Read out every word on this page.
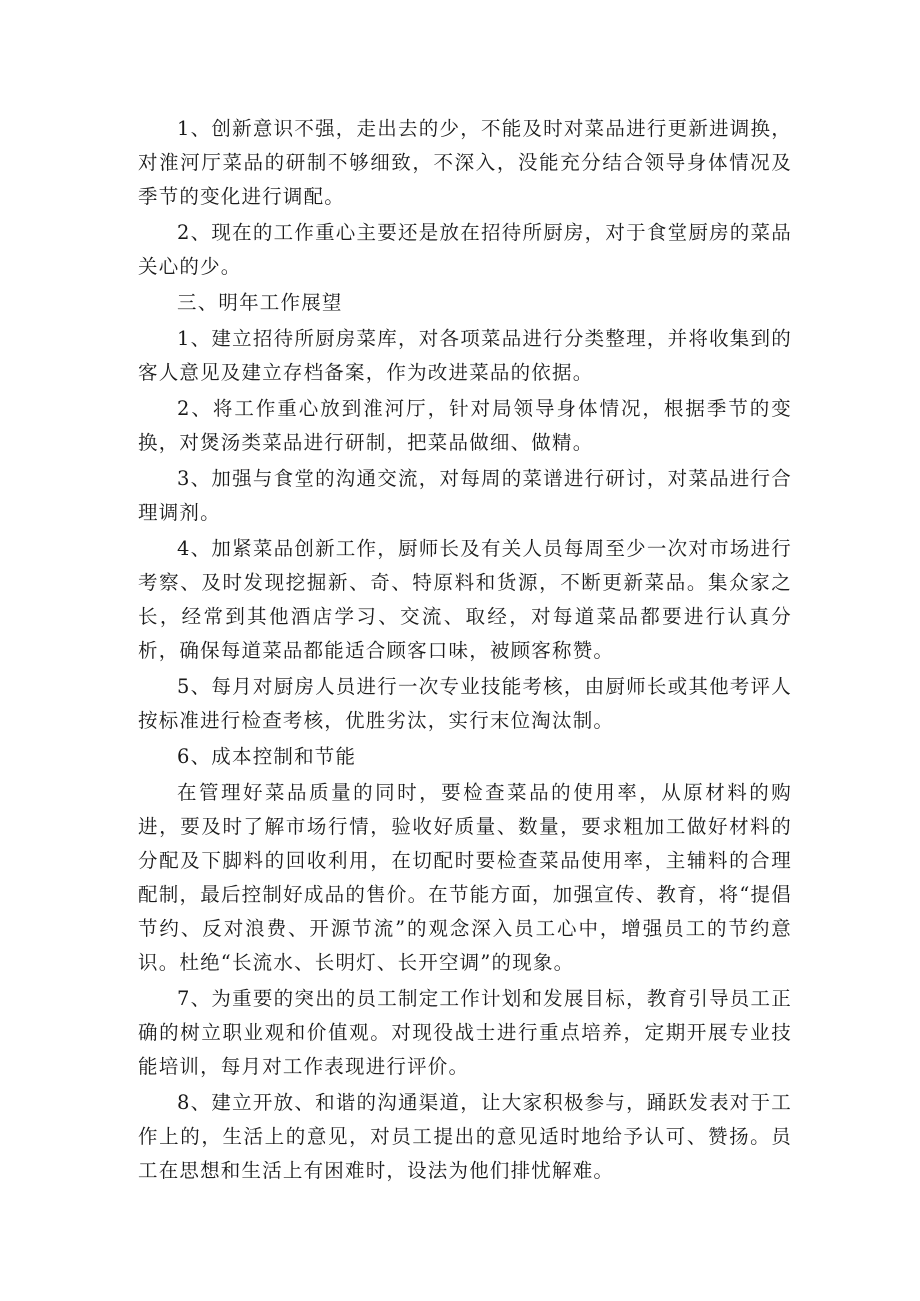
1、创新意识不强，走出去的少，不能及时对菜品进行更新进调换，对淮河厅菜品的研制不够细致，不深入，没能充分结合领导身体情况及季节的变化进行调配。

2、现在的工作重心主要还是放在招待所厨房，对于食堂厨房的菜品关心的少。

三、明年工作展望

1、建立招待所厨房菜库，对各项菜品进行分类整理，并将收集到的客人意见及建立存档备案，作为改进菜品的依据。

2、将工作重心放到淮河厅，针对局领导身体情况，根据季节的变换，对煲汤类菜品进行研制，把菜品做细、做精。

3、加强与食堂的沟通交流，对每周的菜谱进行研讨，对菜品进行合理调剂。

4、加紧菜品创新工作，厨师长及有关人员每周至少一次对市场进行考察、及时发现挖掘新、奇、特原料和货源，不断更新菜品。集众家之长，经常到其他酒店学习、交流、取经，对每道菜品都要进行认真分析，确保每道菜品都能适合顾客口味，被顾客称赞。

5、每月对厨房人员进行一次专业技能考核，由厨师长或其他考评人按标准进行检查考核，优胜劣汰，实行末位淘汰制。

6、成本控制和节能

在管理好菜品质量的同时，要检查菜品的使用率，从原材料的购进，要及时了解市场行情，验收好质量、数量，要求粗加工做好材料的分配及下脚料的回收利用，在切配时要检查菜品使用率，主辅料的合理配制，最后控制好成品的售价。在节能方面，加强宣传、教育，将“提倡节约、反对浪费、开源节流”的观念深入员工心中，增强员工的节约意识。杜绝“长流水、长明灯、长开空调”的现象。

7、为重要的突出的员工制定工作计划和发展目标，教育引导员工正确的树立职业观和价值观。对现役战士进行重点培养，定期开展专业技能培训，每月对工作表现进行评价。

8、建立开放、和谐的沟通渠道，让大家积极参与，踊跃发表对于工作上的，生活上的意见，对员工提出的意见适时地给予认可、赞扬。员工在思想和生活上有困难时，设法为他们排忧解难。
